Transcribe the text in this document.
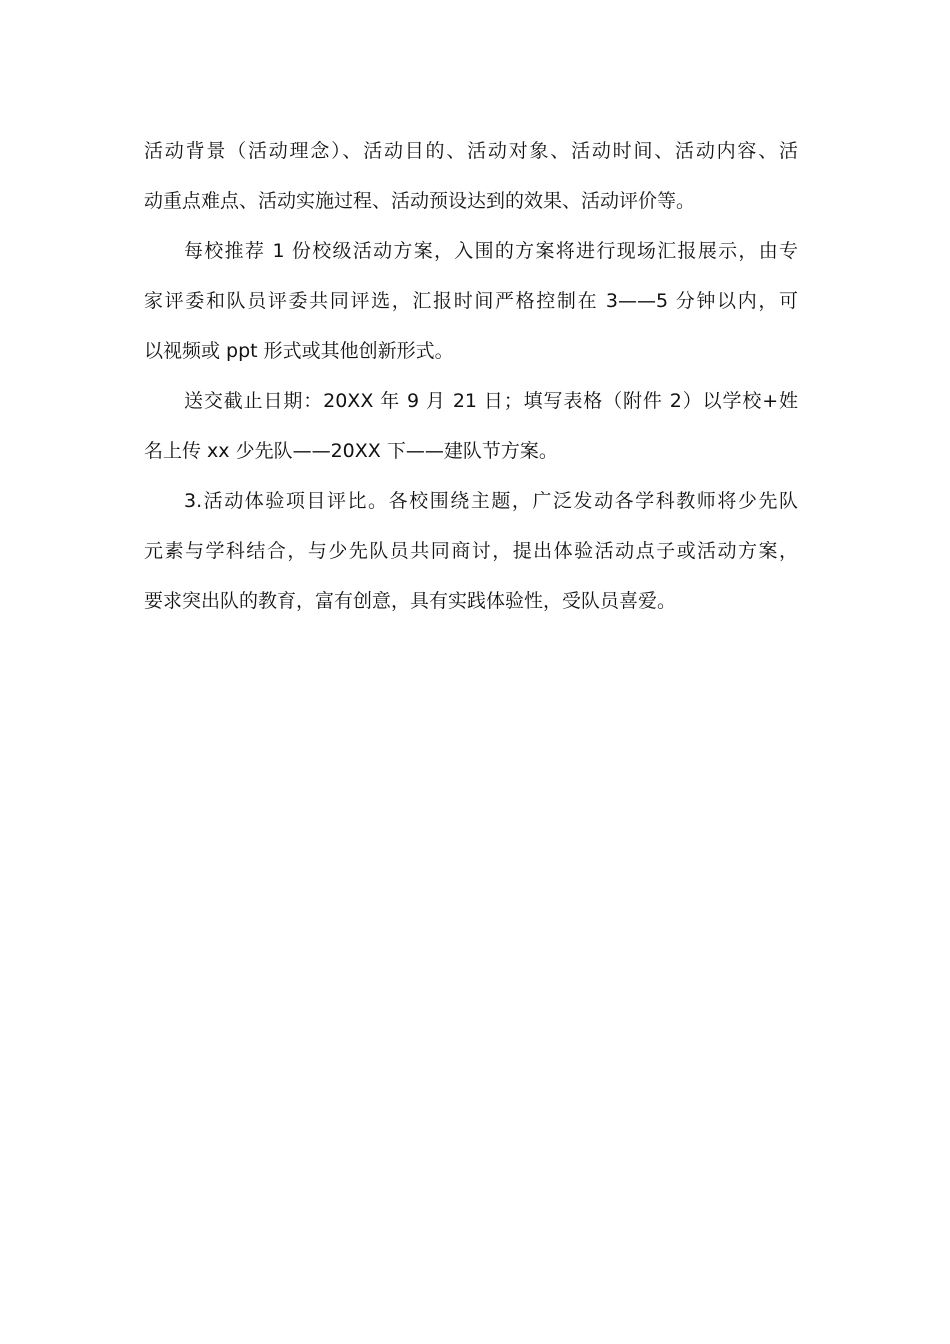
活动背景（活动理念）、活动目的、活动对象、活动时间、活动内容、活
动重点难点、活动实施过程、活动预设达到的效果、活动评价等。
每校推荐 1 份校级活动方案，入围的方案将进行现场汇报展示，由专
家评委和队员评委共同评选，汇报时间严格控制在 3——5 分钟以内，可
以视频或 ppt 形式或其他创新形式。
送交截止日期：20XX 年 9 月 21 日；填写表格（附件 2）以学校+姓
名上传 xx 少先队——20XX 下——建队节方案。
3.活动体验项目评比。各校围绕主题，广泛发动各学科教师将少先队
元素与学科结合，与少先队员共同商讨，提出体验活动点子或活动方案，
要求突出队的教育，富有创意，具有实践体验性，受队员喜爱。
